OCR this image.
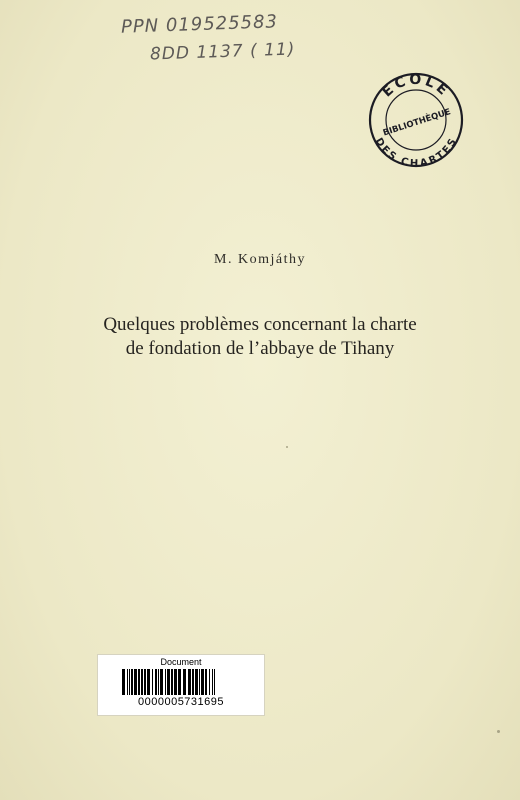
PPN 019525583
8DD 1137 ( 11)
ECOLE
BIBLIOTHÈQUE
DES CHARTES
M. Komjáthy
Quelques problèmes concernant la charte
de fondation de l’abbaye de Tihany
Document
0000005731695
